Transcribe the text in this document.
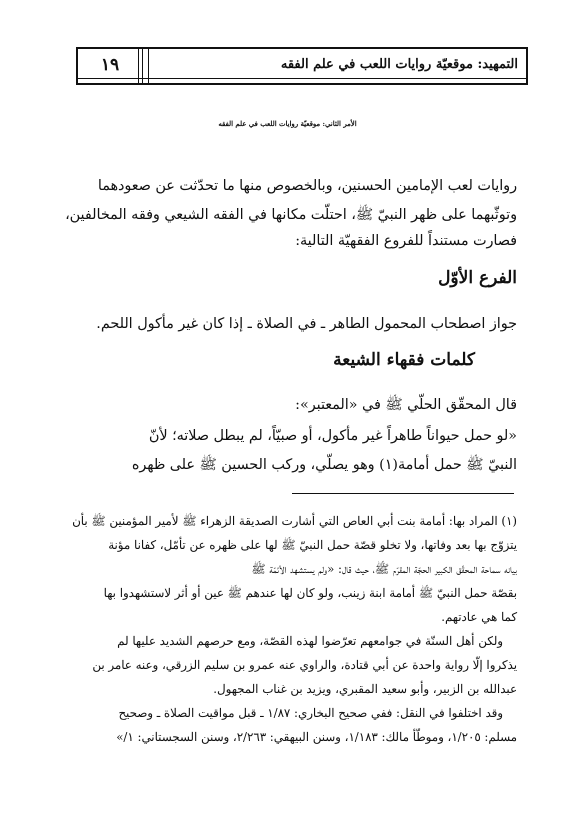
١٩	التمهيد: موقعيّة روايات اللعب في علم الفقه
الأمر الثاني: موقعيّة روايات اللعب في علم الفقه
روايات لعب الإمامين الحسنين، وبالخصوص منها ما تحدّثت عن صعودهما
وتوثّبهما على ظهر النبيّ ﷺ، احتلّت مكانها في الفقه الشيعي وفقه المخالفين،
فصارت مستنداً للفروع الفقهيّة التالية:
الفرع الأوّل
جواز اصطحاب المحمول الطاهر ـ في الصلاة ـ إذا كان غير مأكول اللحم.
كلمات فقهاء الشيعة
قال المحقّق الحلّي ﷺ في «المعتبر»:
«لو حمل حيواناً طاهراً غير مأكول، أو صبيّاً، لم يبطل صلاته؛ لأنّ
النبيّ ﷺ حمل أمامة(١) وهو يصلّي، وركب الحسين ﷺ على ظهره
(١) المراد بها: أمامة بنت أبي العاص التي أشارت الصديقة الزهراء ﷺ لأمير المؤمنين ﷺ بأن
يتزوّج بها بعد وفاتها، ولا تخلو قصّة حمل النبيّ ﷺ لها على ظهره عن تأمّل، كفانا مؤنة
بيانه سماحة المحقّق الكبير الحجّة المقرّم ﷺ، حيث قال: «ولم يستشهد الأئمّة ﷺ
بقصّة حمل النبيّ ﷺ أمامة ابنة زينب، ولو كان لها عندهم ﷺ عين أو أثر لاستشهدوا بها
كما هي عادتهم.
ولكن أهل السنّة في جوامعهم تعرّضوا لهذه القصّة، ومع حرصهم الشديد عليها لم
يذكروا إلّا رواية واحدة عن أبي قتادة، والراوي عنه عمرو بن سليم الزرقي، وعنه عامر بن
عبدالله بن الزبير، وأبو سعيد المقبري، ويزيد بن غناب المجهول.
وقد اختلفوا في النقل: ففي صحيح البخاري: ١/٨٧ ـ قبل مواقيت الصلاة ـ وصحيح
مسلم: ١/٢٠٥، وموطّأ مالك: ١/١٨٣، وسنن البيهقي: ٢/٢٦٣، وسنن السجستاني: ١/»
